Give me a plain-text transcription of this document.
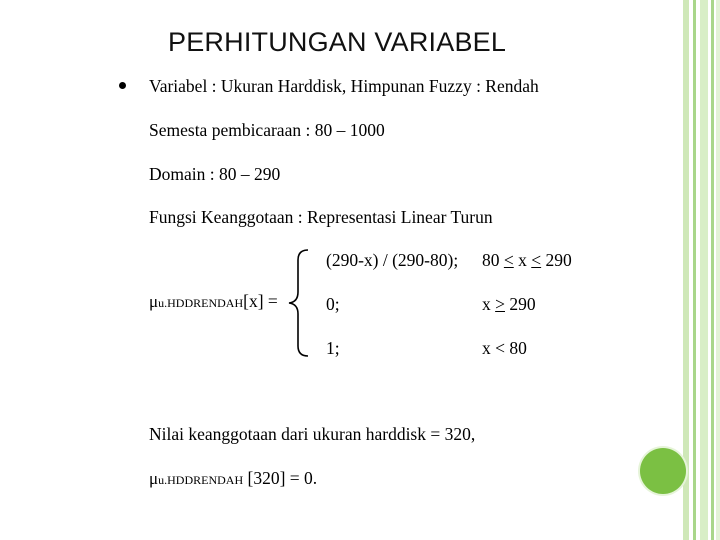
PERHITUNGAN VARIABEL
Variabel : Ukuran Harddisk, Himpunan Fuzzy : Rendah
Semesta pembicaraan : 80 – 1000
Domain : 80 – 290
Fungsi Keanggotaan : Representasi Linear Turun
μu.HDDRENDAH[x] =
(290-x) / (290-80); 80 < x < 290
0;	x > 290
1;	x < 80
Nilai keanggotaan dari ukuran harddisk = 320,
μu.HDDRENDAH [320] = 0.
